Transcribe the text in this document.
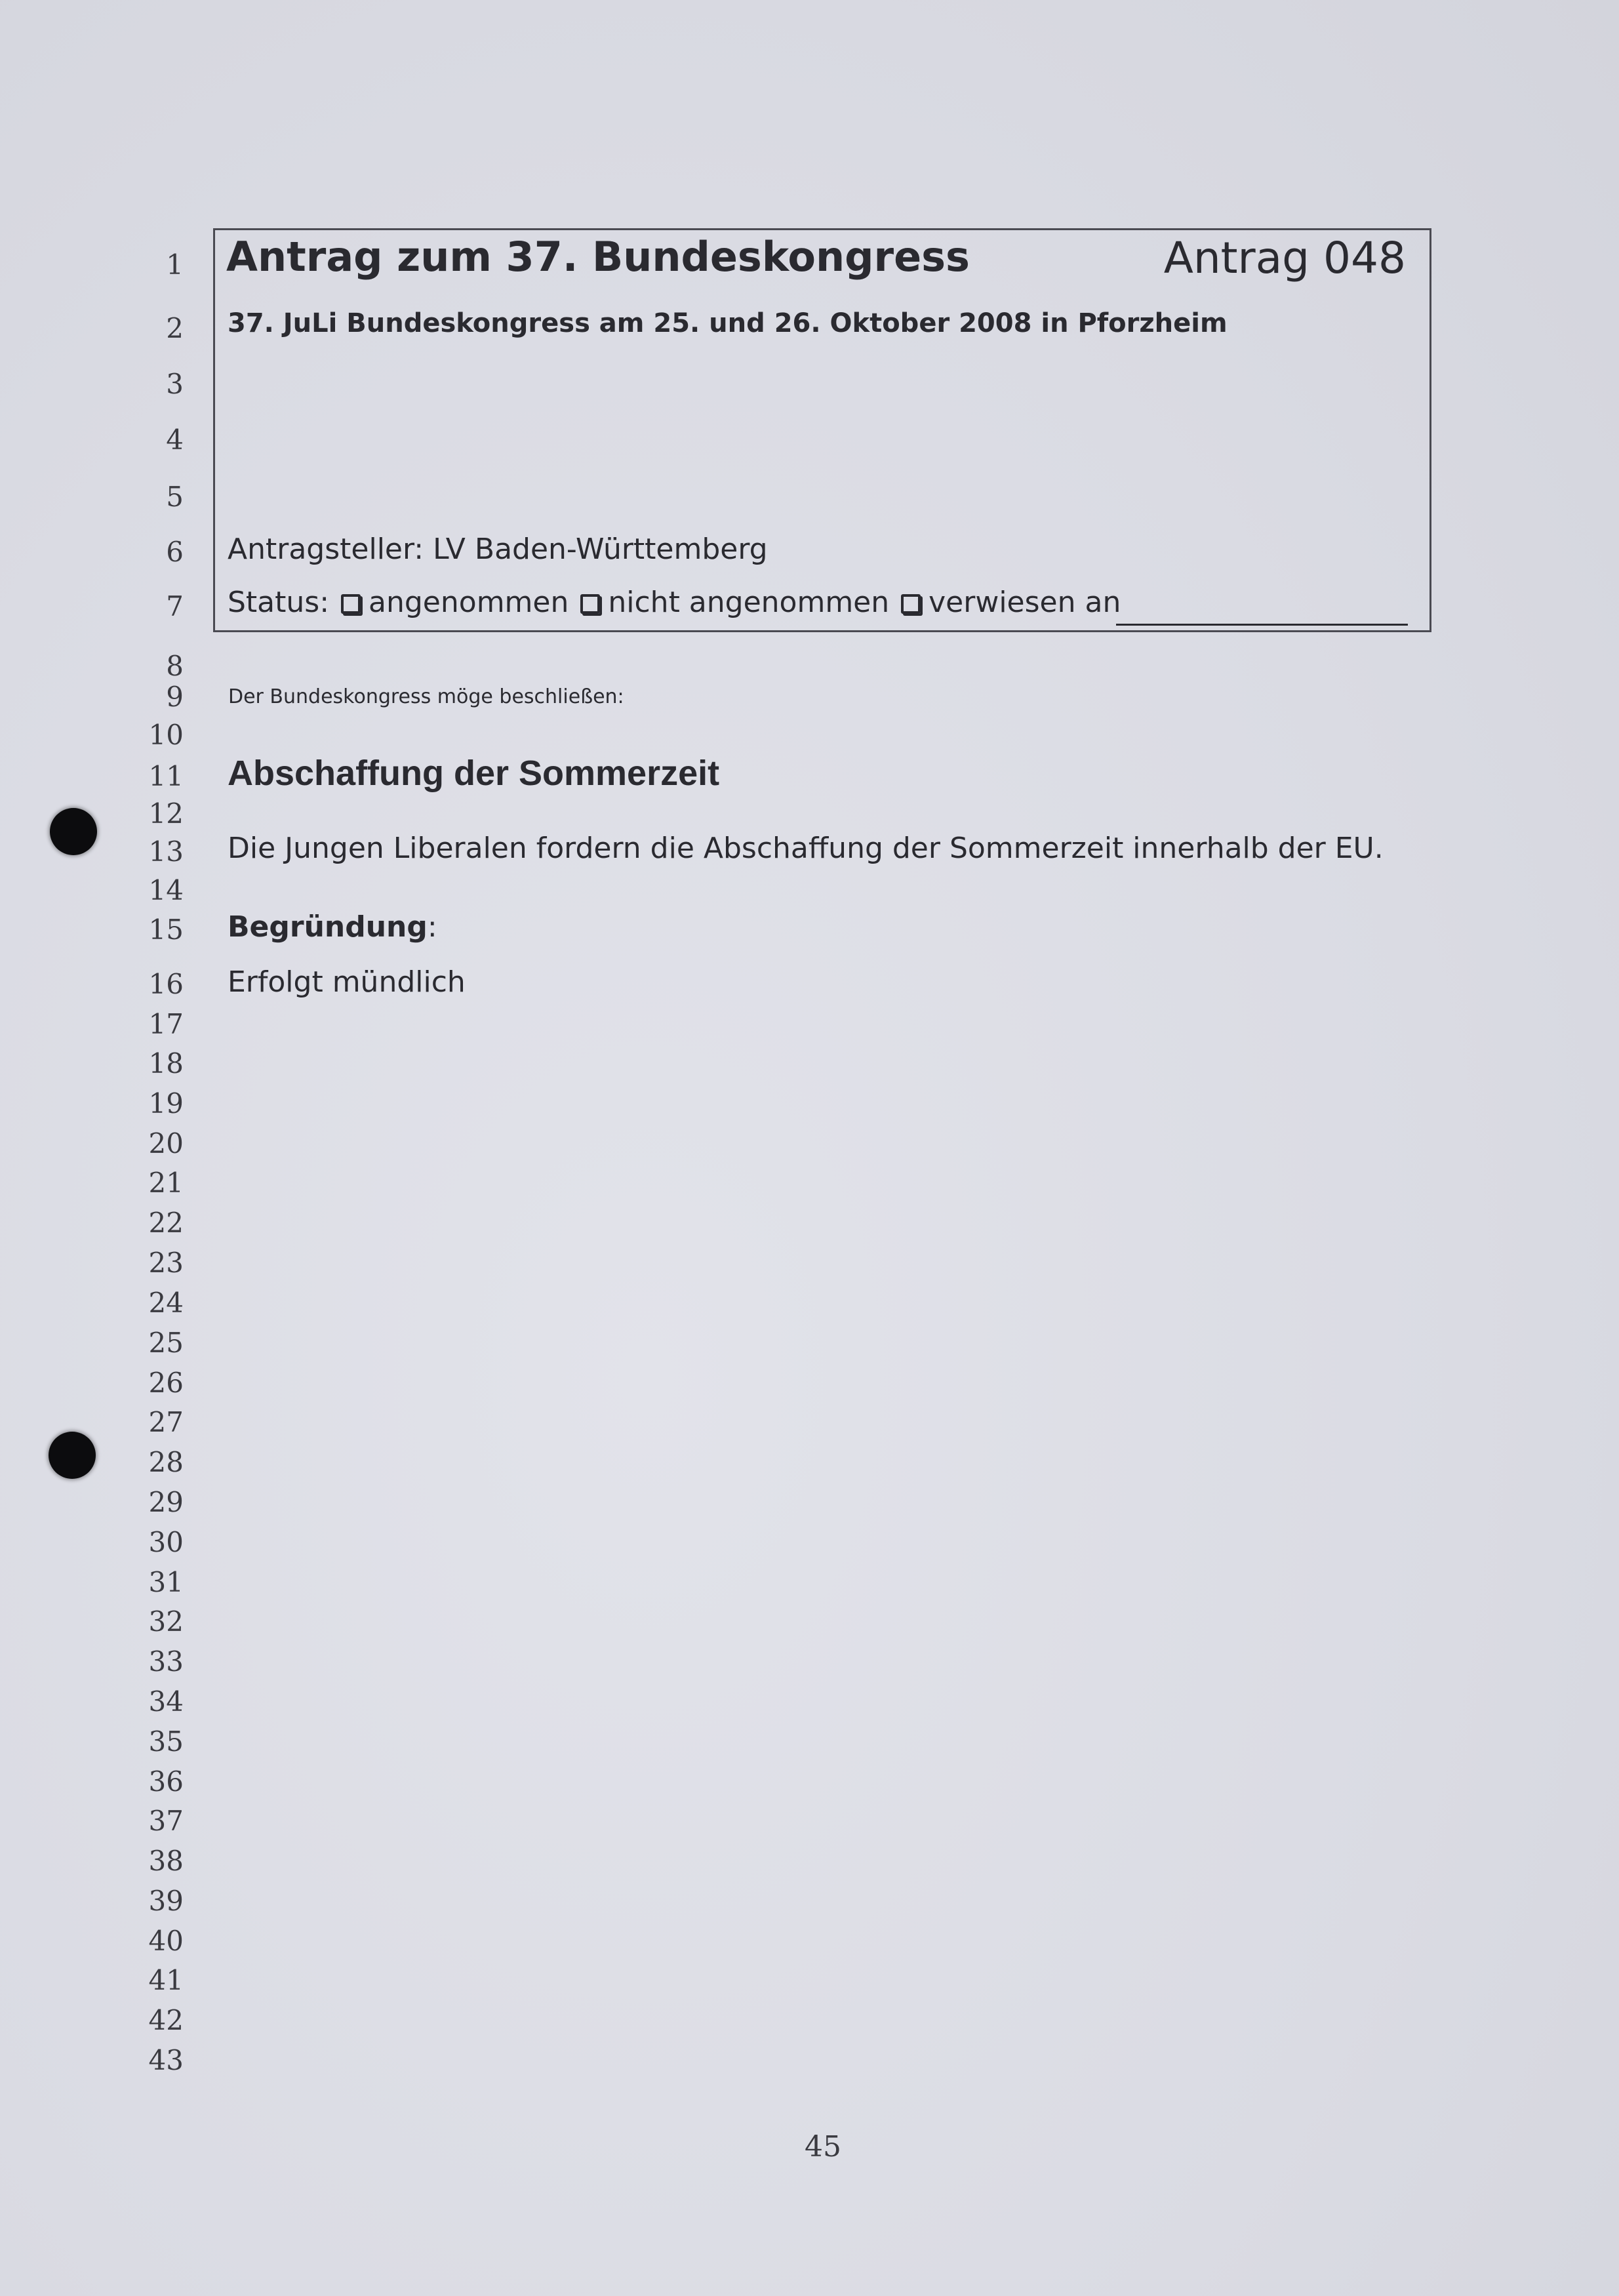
1
2
3
4
5
6
7
8
9
10
11
12
13
14
15
16
17
18
19
20
21
22
23
24
25
26
27
28
29
30
31
32
33
34
35
36
37
38
39
40
41
42
43
Antrag zum 37. Bundeskongress	Antrag 048
37. JuLi Bundeskongress am 25. und 26. Oktober 2008 in Pforzheim
Antragsteller: LV Baden-Württemberg
Status: angenommen nicht angenommen verwiesen an
Der Bundeskongress möge beschließen:
Abschaffung der Sommerzeit
Die Jungen Liberalen fordern die Abschaffung der Sommerzeit innerhalb der EU.
Begründung:
Erfolgt mündlich
45
